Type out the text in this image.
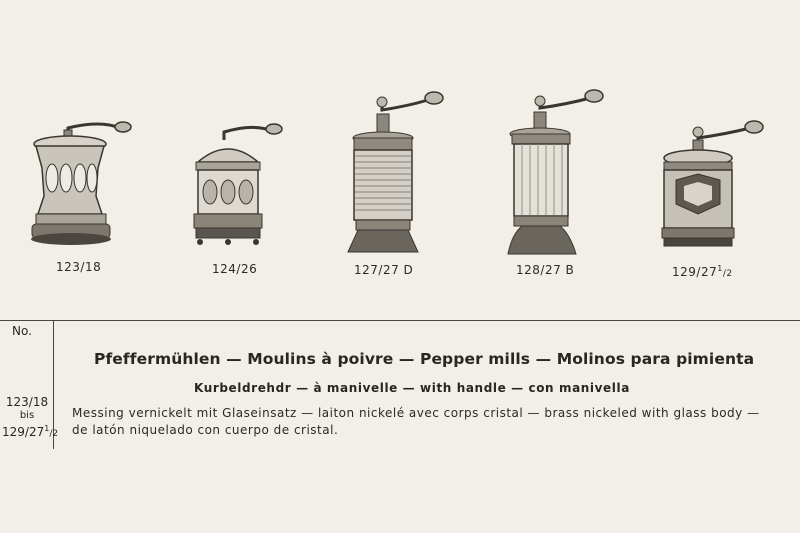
123/18	124/26	127/27 D	128/27 B	$129/27^1/2$
No.
123/18
bis
$129/27^1/2$
Pfeffermühlen — Moulins à poivre — Pepper mills — Molinos para pimienta
Kurbeldrehdr — à manivelle — with handle — con manivella
Messing vernickelt mit Glaseinsatz — laiton nickelé avec corps cristal — brass nickeled with glass body —
de latón niquelado con cuerpo de cristal.
